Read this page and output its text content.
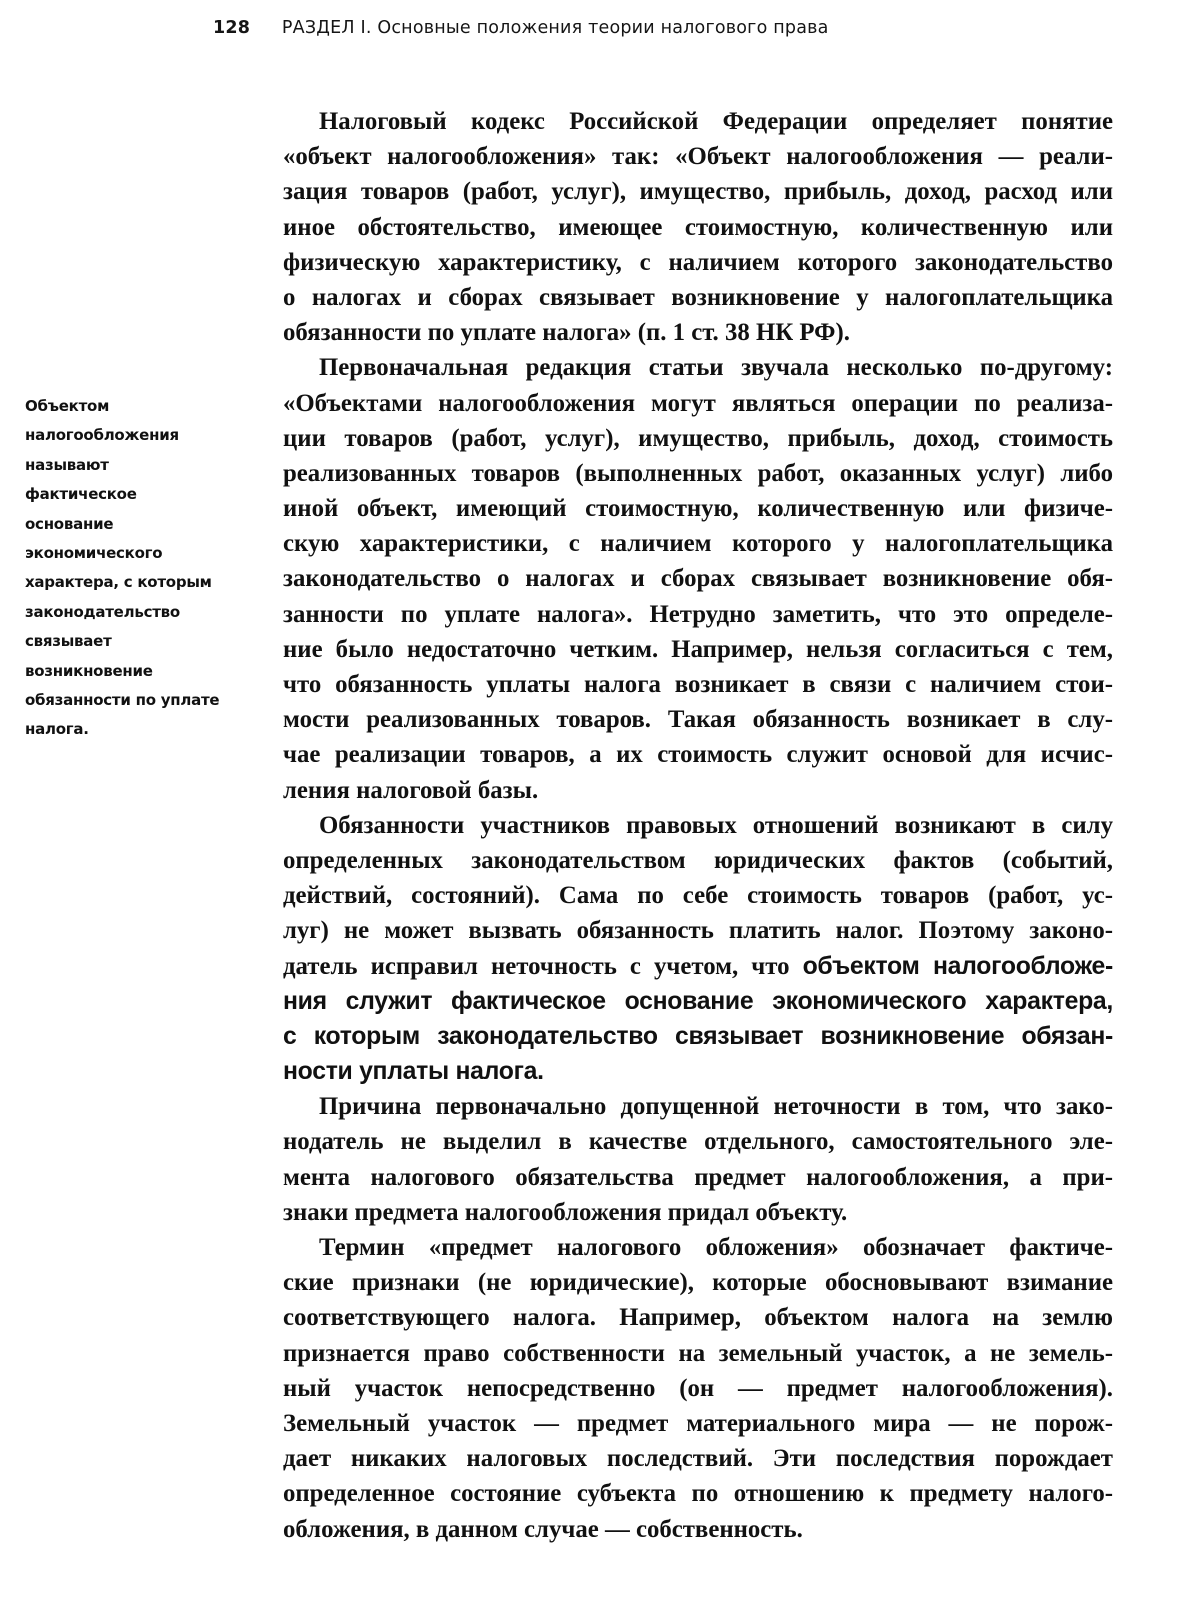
128 РАЗДЕЛ I. Основные положения теории налогового права
Объектом
налогообложения
называют
фактическое
основание
экономического
характера, с которым
законодательство
связывает
возникновение
обязанности по уплате
налога.
Налоговый кодекс Российской Федерации определяет понятие
«объект налогообложения» так: «Объект налогообложения — реали-
зация товаров (работ, услуг), имущество, прибыль, доход, расход или
иное обстоятельство, имеющее стоимостную, количественную или
физическую характеристику, с наличием которого законодательство
о налогах и сборах связывает возникновение у налогоплательщика
обязанности по уплате налога» (п. 1 ст. 38 НК РФ).
Первоначальная редакция статьи звучала несколько по-другому:
«Объектами налогообложения могут являться операции по реализа-
ции товаров (работ, услуг), имущество, прибыль, доход, стоимость
реализованных товаров (выполненных работ, оказанных услуг) либо
иной объект, имеющий стоимостную, количественную или физиче-
скую характеристики, с наличием которого у налогоплательщика
законодательство о налогах и сборах связывает возникновение обя-
занности по уплате налога». Нетрудно заметить, что это определе-
ние было недостаточно четким. Например, нельзя согласиться с тем,
что обязанность уплаты налога возникает в связи с наличием стои-
мости реализованных товаров. Такая обязанность возникает в слу-
чае реализации товаров, а их стоимость служит основой для исчис-
ления налоговой базы.
Обязанности участников правовых отношений возникают в силу
определенных законодательством юридических фактов (событий,
действий, состояний). Сама по себе стоимость товаров (работ, ус-
луг) не может вызвать обязанность платить налог. Поэтому законо-
датель исправил неточность с учетом, что объектом налогообложе-
ния служит фактическое основание экономического характера,
с которым законодательство связывает возникновение обязан-
ности уплаты налога.
Причина первоначально допущенной неточности в том, что зако-
нодатель не выделил в качестве отдельного, самостоятельного эле-
мента налогового обязательства предмет налогообложения, а при-
знаки предмета налогообложения придал объекту.
Термин «предмет налогового обложения» обозначает фактиче-
ские признаки (не юридические), которые обосновывают взимание
соответствующего налога. Например, объектом налога на землю
признается право собственности на земельный участок, а не земель-
ный участок непосредственно (он — предмет налогообложения).
Земельный участок — предмет материального мира — не порож-
дает никаких налоговых последствий. Эти последствия порождает
определенное состояние субъекта по отношению к предмету налого-
обложения, в данном случае — собственность.
